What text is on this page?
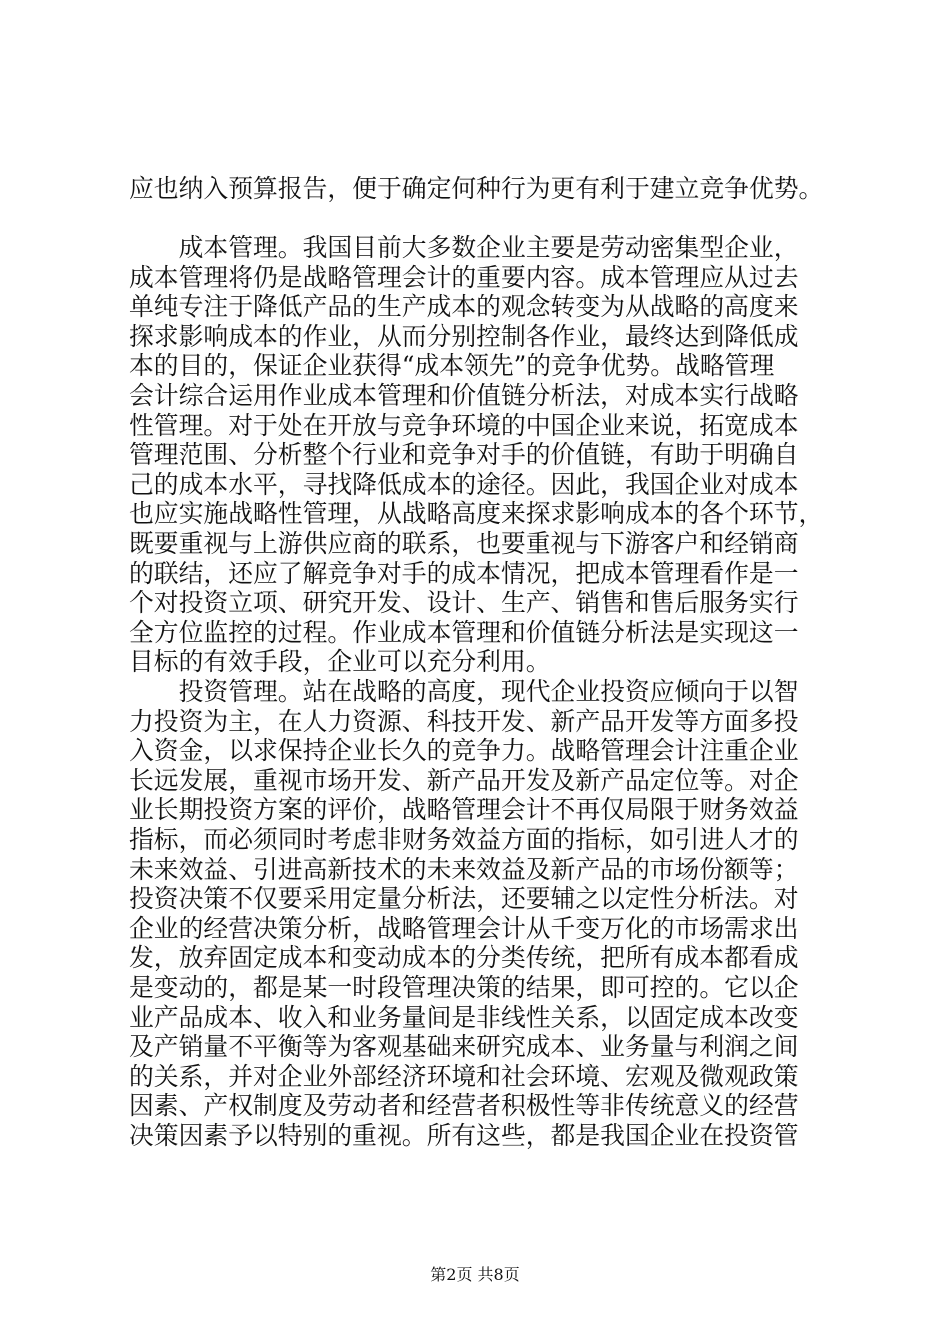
应也纳入预算报告，便于确定何种行为更有利于建立竞争优势。
　　成本管理。我国目前大多数企业主要是劳动密集型企业，
成本管理将仍是战略管理会计的重要内容。成本管理应从过去
单纯专注于降低产品的生产成本的观念转变为从战略的高度来
探求影响成本的作业，从而分别控制各作业，最终达到降低成
本的目的，保证企业获得“成本领先”的竞争优势。战略管理
会计综合运用作业成本管理和价值链分析法，对成本实行战略
性管理。对于处在开放与竞争环境的中国企业来说，拓宽成本
管理范围、分析整个行业和竞争对手的价值链，有助于明确自
己的成本水平，寻找降低成本的途径。因此，我国企业对成本
也应实施战略性管理，从战略高度来探求影响成本的各个环节，
既要重视与上游供应商的联系，也要重视与下游客户和经销商
的联结，还应了解竞争对手的成本情况，把成本管理看作是一
个对投资立项、研究开发、设计、生产、销售和售后服务实行
全方位监控的过程。作业成本管理和价值链分析法是实现这一
目标的有效手段，企业可以充分利用。
　　投资管理。站在战略的高度，现代企业投资应倾向于以智
力投资为主，在人力资源、科技开发、新产品开发等方面多投
入资金，以求保持企业长久的竞争力。战略管理会计注重企业
长远发展，重视市场开发、新产品开发及新产品定位等。对企
业长期投资方案的评价，战略管理会计不再仅局限于财务效益
指标，而必须同时考虑非财务效益方面的指标，如引进人才的
未来效益、引进高新技术的未来效益及新产品的市场份额等；
投资决策不仅要采用定量分析法，还要辅之以定性分析法。对
企业的经营决策分析，战略管理会计从千变万化的市场需求出
发，放弃固定成本和变动成本的分类传统，把所有成本都看成
是变动的，都是某一时段管理决策的结果，即可控的。它以企
业产品成本、收入和业务量间是非线性关系，以固定成本改变
及产销量不平衡等为客观基础来研究成本、业务量与利润之间
的关系，并对企业外部经济环境和社会环境、宏观及微观政策
因素、产权制度及劳动者和经营者积极性等非传统意义的经营
决策因素予以特别的重视。所有这些，都是我国企业在投资管
第2页 共8页
